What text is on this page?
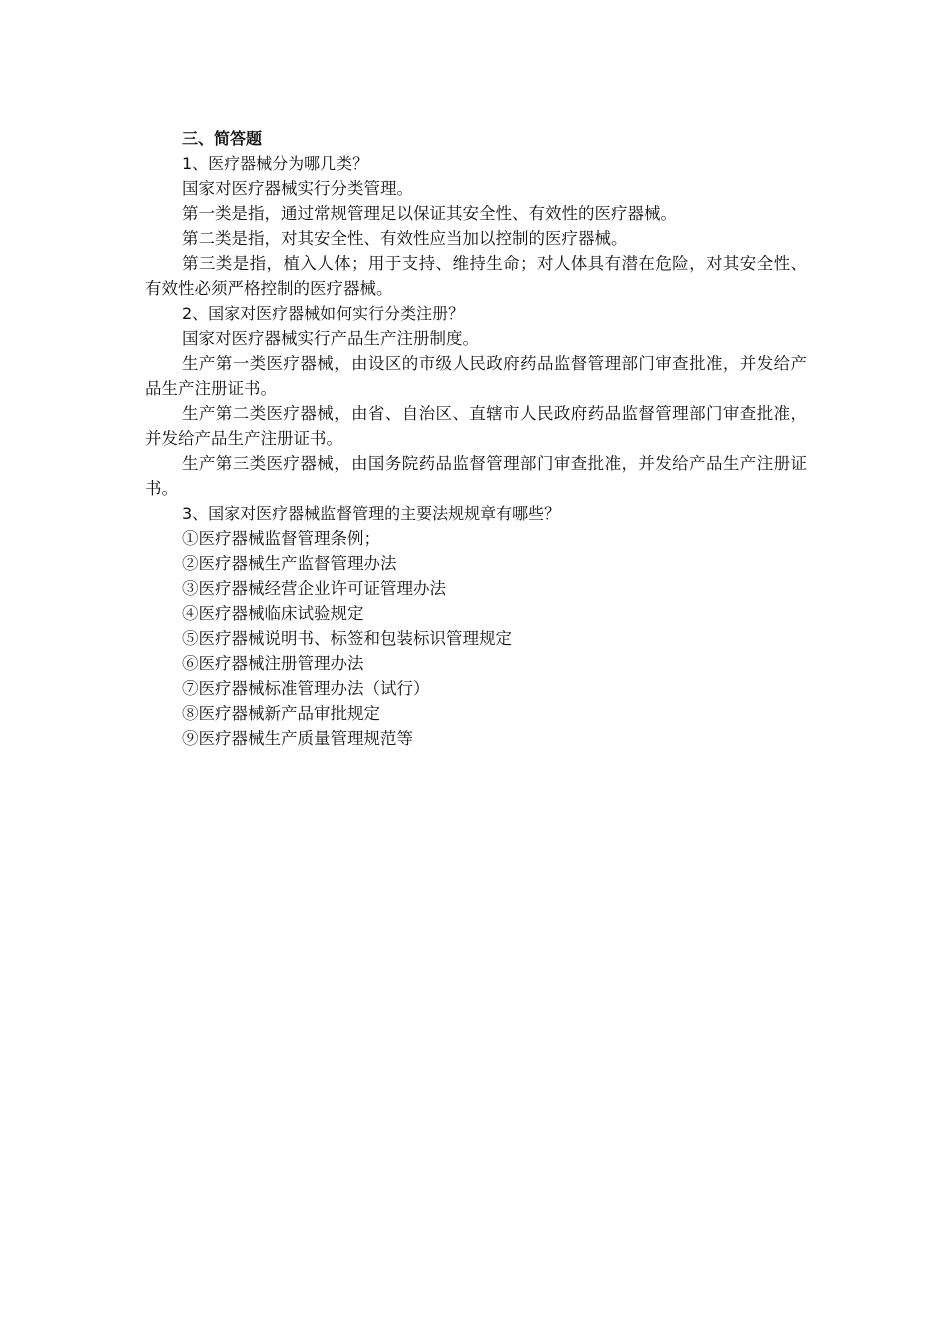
三、简答题
1、医疗器械分为哪几类？
国家对医疗器械实行分类管理。
第一类是指，通过常规管理足以保证其安全性、有效性的医疗器械。
第二类是指，对其安全性、有效性应当加以控制的医疗器械。
第三类是指，植入人体；用于支持、维持生命；对人体具有潜在危险，对其安全性、有效性必须严格控制的医疗器械。
2、国家对医疗器械如何实行分类注册？
国家对医疗器械实行产品生产注册制度。
生产第一类医疗器械，由设区的市级人民政府药品监督管理部门审查批准，并发给产品生产注册证书。
生产第二类医疗器械，由省、自治区、直辖市人民政府药品监督管理部门审查批准，并发给产品生产注册证书。
生产第三类医疗器械，由国务院药品监督管理部门审查批准，并发给产品生产注册证书。
3、国家对医疗器械监督管理的主要法规规章有哪些？
①医疗器械监督管理条例；
②医疗器械生产监督管理办法
③医疗器械经营企业许可证管理办法
④医疗器械临床试验规定
⑤医疗器械说明书、标签和包装标识管理规定
⑥医疗器械注册管理办法
⑦医疗器械标准管理办法（试行）
⑧医疗器械新产品审批规定
⑨医疗器械生产质量管理规范等
